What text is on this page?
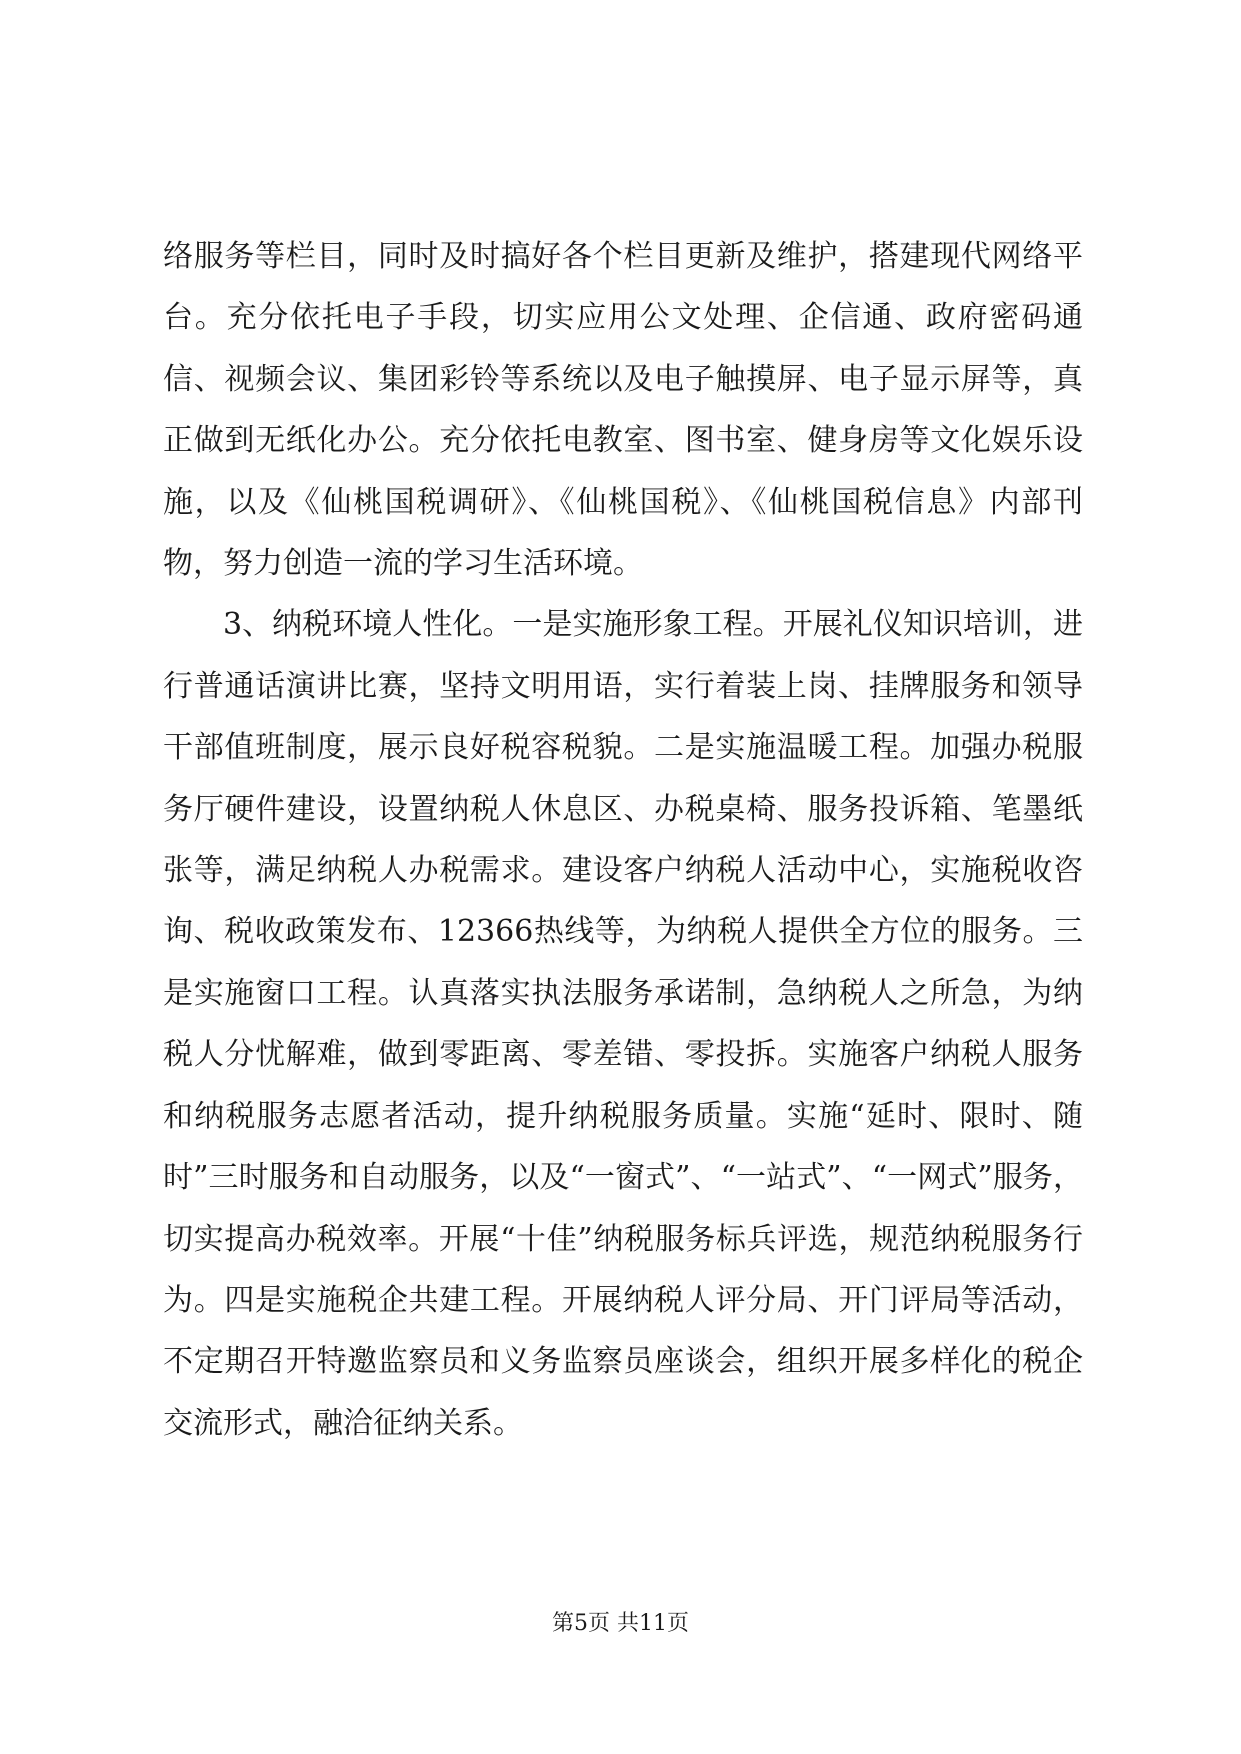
络服务等栏目，同时及时搞好各个栏目更新及维护，搭建现代网络平台。充分依托电子手段，切实应用公文处理、企信通、政府密码通信、视频会议、集团彩铃等系统以及电子触摸屏、电子显示屏等，真正做到无纸化办公。充分依托电教室、图书室、健身房等文化娱乐设施，以及《仙桃国税调研》、《仙桃国税》、《仙桃国税信息》内部刊物，努力创造一流的学习生活环境。

3、纳税环境人性化。一是实施形象工程。开展礼仪知识培训，进行普通话演讲比赛，坚持文明用语，实行着装上岗、挂牌服务和领导干部值班制度，展示良好税容税貌。二是实施温暖工程。加强办税服务厅硬件建设，设置纳税人休息区、办税桌椅、服务投诉箱、笔墨纸张等，满足纳税人办税需求。建设客户纳税人活动中心，实施税收咨询、税收政策发布、12366热线等，为纳税人提供全方位的服务。三是实施窗口工程。认真落实执法服务承诺制，急纳税人之所急，为纳税人分忧解难，做到零距离、零差错、零投拆。实施客户纳税人服务和纳税服务志愿者活动，提升纳税服务质量。实施“延时、限时、随时”三时服务和自动服务，以及“一窗式”、“一站式”、“一网式”服务，切实提高办税效率。开展“十佳”纳税服务标兵评选，规范纳税服务行为。四是实施税企共建工程。开展纳税人评分局、开门评局等活动，不定期召开特邀监察员和义务监察员座谈会，组织开展多样化的税企交流形式，融洽征纳关系。

第5页 共11页
